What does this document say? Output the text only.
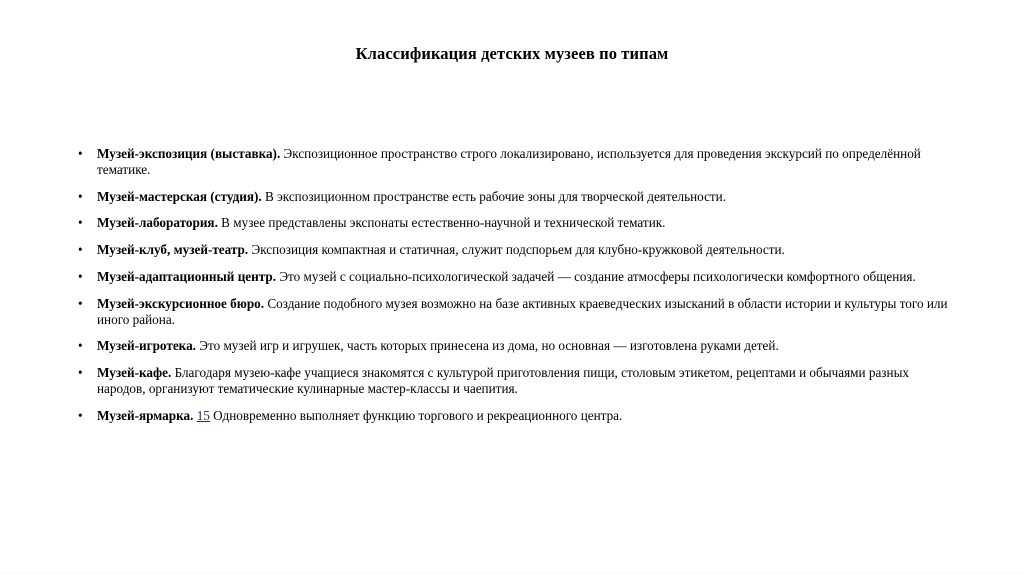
Классификация детских музеев по типам
• Музей-экспозиция (выставка). Экспозиционное пространство строго локализировано, используется для проведения экскурсий по определённой тематике.
• Музей-мастерская (студия). В экспозиционном пространстве есть рабочие зоны для творческой деятельности.
• Музей-лаборатория. В музее представлены экспонаты естественно-научной и технической тематик.
• Музей-клуб, музей-театр. Экспозиция компактная и статичная, служит подспорьем для клубно-кружковой деятельности.
• Музей-адаптационный центр. Это музей с социально-психологической задачей — создание атмосферы психологически комфортного общения.
• Музей-экскурсионное бюро. Создание подобного музея возможно на базе активных краеведческих изысканий в области истории и культуры того или иного района.
• Музей-игротека. Это музей игр и игрушек, часть которых принесена из дома, но основная — изготовлена руками детей.
• Музей-кафе. Благодаря музею-кафе учащиеся знакомятся с культурой приготовления пищи, столовым этикетом, рецептами и обычаями разных народов, организуют тематические кулинарные мастер-классы и чаепития.
• Музей-ярмарка. 15 Одновременно выполняет функцию торгового и рекреационного центра.
